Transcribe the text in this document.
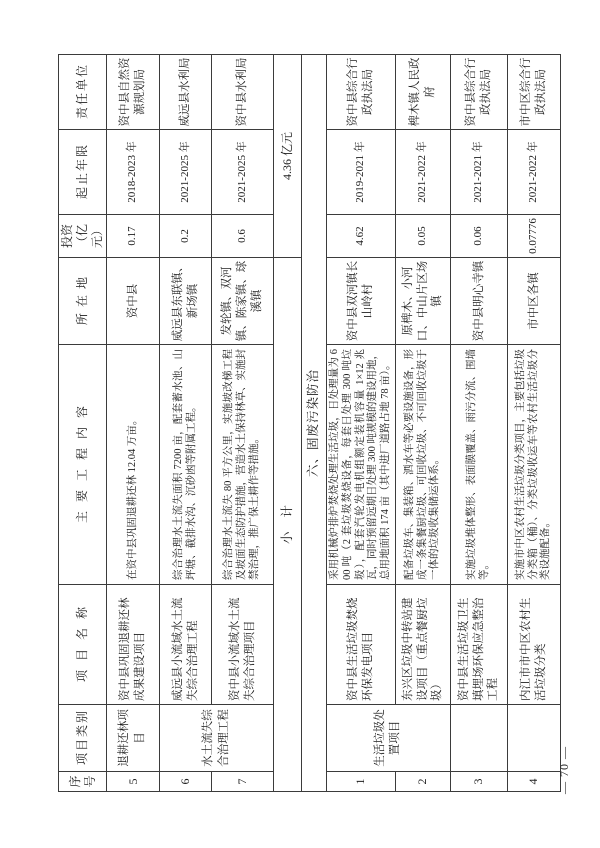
序号	项目类别	项目名称	主要工程内容	所在地	投资（亿元）	起止年限	责任单位
5	退耕还林项目	资中县巩固退耕还林成果建设项目	在资中县巩固退耕还林 12.04 万亩。	资中县	0.17	2018-2023 年	资中县自然资源规划局
6	水土流失综合治理工程	威远县小流域水土流失综合治理工程	综合治理水土流失面积 7200 亩，配套蓄水池、山坪塘、截排水沟、沉砂凼等附属工程。	威远县东联镇、新场镇	0.2	2021-2025 年	威远县水利局
7		资中县小流域水土流失综合治理项目	综合治理水土流失 80 平方公里，实施坡改梯工程及坡面生态防护措施，营造水土保持林草、实施封禁治理，推广保土耕作等措施。	发轮镇、双河镇、陈家镇、球溪镇	0.6	2021-2025 年	资中县水利局
小计					4.36 亿元		
六、固废污染防治							
1	生活垃圾处置项目	资中县生活垃圾焚烧环保发电项目	采用机械炉排炉焚烧处理生活垃圾，日处理量为 600 吨（2 套垃圾焚烧设备，每套日处理 300 吨垃圾），配套汽轮发电机组额定装机容量 1×12 兆瓦，同时预留远期日处理 300 吨规模的建设用地，总用地面积 174 亩（其中进厂道路占地 78 亩）。	资中县双河镇长山岭村	4.62	2019-2021 年	资中县综合行政执法局
2		东兴区垃圾中转站建设项目（重点餐厨垃圾）	配备垃圾车、集装箱、洒水车等必要设施设备，形成一条集餐厨垃圾、可回收垃圾、不可回收垃圾于一体的垃圾收集储运体系。	原椑木、小河口、中山片区场镇	0.05	2021-2022 年	椑木镇人民政府
3		资中县生活垃圾卫生填埋场环保应急整治工程	实施垃圾堆体整形、表面膜覆盖、雨污分流、围墙等。	资中县明心寺镇	0.06	2021-2021 年	资中县综合行政执法局
4		内江市市中区农村生活垃圾分类	实施市中区农村生活垃圾分类项目，主要包括垃圾分类箱（桶）、分类垃圾收运车等农村生活垃圾分类设施配备。	市中区各镇	0.07776	2021-2022 年	市中区综合行政执法局
— 70 —
